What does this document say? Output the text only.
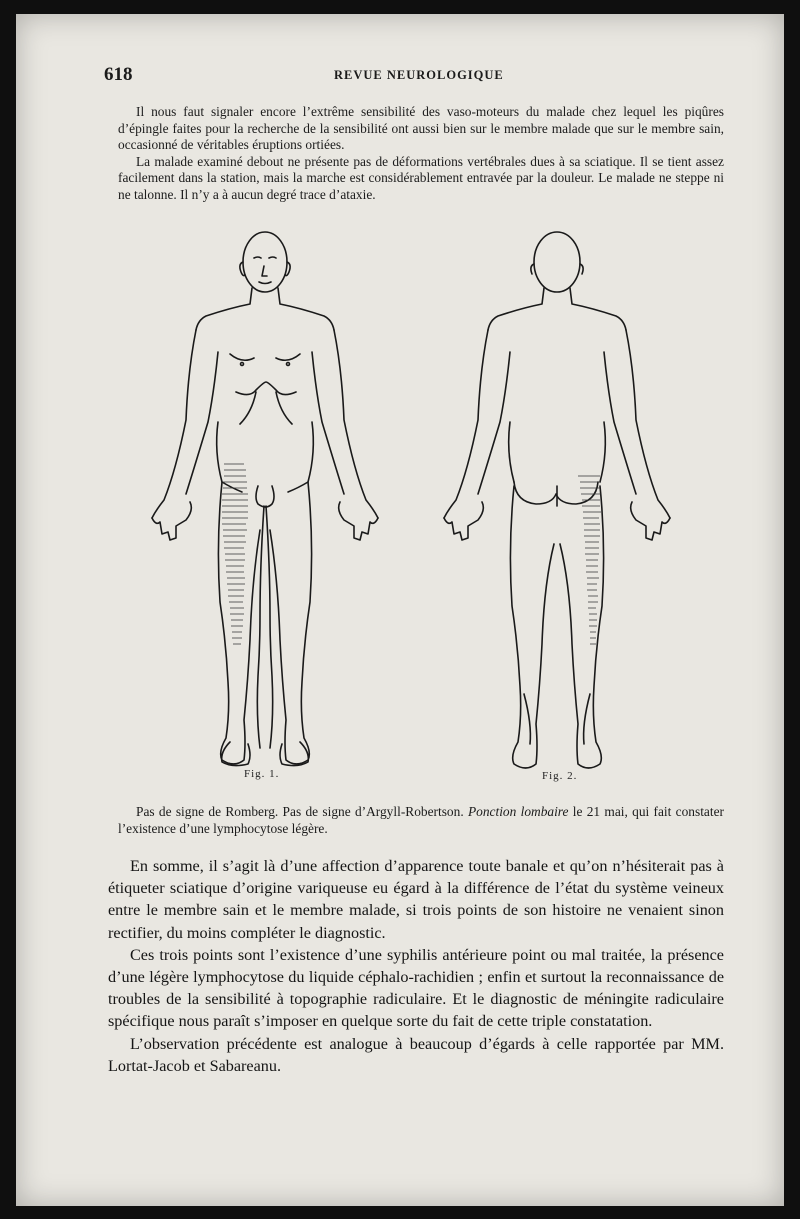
618	REVUE NEUROLOGIQUE

Il nous faut signaler encore l’extrême sensibilité des vaso-moteurs du malade chez lequel les piqûres d’épingle faites pour la recherche de la sensibilité ont aussi bien sur le membre malade que sur le membre sain, occasionné de véritables éruptions ortiées.

La malade examiné debout ne présente pas de déformations vertébrales dues à sa sciatique. Il se tient assez facilement dans la station, mais la marche est considérablement entravée par la douleur. Le malade ne steppe ni ne talonne. Il n’y a à aucun degré trace d’ataxie.

Fig. 1.	Fig. 2.

Pas de signe de Romberg. Pas de signe d’Argyll-Robertson. Ponction lombaire le 21 mai, qui fait constater l’existence d’une lymphocytose légère.

En somme, il s’agit là d’une affection d’apparence toute banale et qu’on n’hésiterait pas à étiqueter sciatique d’origine variqueuse eu égard à la différence de l’état du système veineux entre le membre sain et le membre malade, si trois points de son histoire ne venaient sinon rectifier, du moins compléter le diagnostic.

Ces trois points sont l’existence d’une syphilis antérieure point ou mal traitée, la présence d’une légère lymphocytose du liquide céphalo-rachidien ; enfin et surtout la reconnaissance de troubles de la sensibilité à topographie radiculaire. Et le diagnostic de méningite radiculaire spécifique nous paraît s’imposer en quelque sorte du fait de cette triple constatation.

L’observation précédente est analogue à beaucoup d’égards à celle rapportée par MM. Lortat-Jacob et Sabareanu.
